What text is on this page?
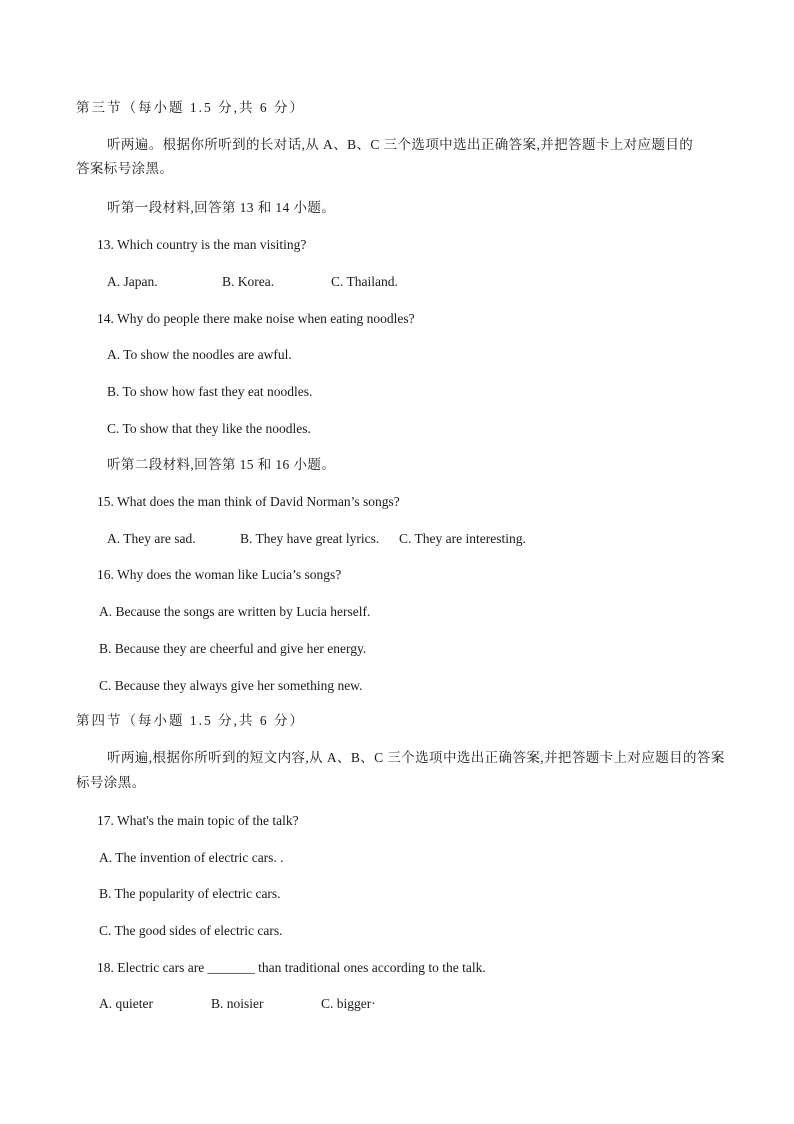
第三节（每小题 1.5 分,共 6 分）
听两遍。根据你所听到的长对话,从 A、B、C 三个选项中选出正确答案,并把答题卡上对应题目的
答案标号涂黑。
听第一段材料,回答第 13 和 14 小题。
13. Which country is the man visiting?
A. Japan.	B. Korea.	C. Thailand.
14. Why do people there make noise when eating noodles?
A. To show the noodles are awful.
B. To show how fast they eat noodles.
C. To show that they like the noodles.
听第二段材料,回答第 15 和 16 小题。
15. What does the man think of David Norman’s songs?
A. They are sad.	B. They have great lyrics. C. They are interesting.
16. Why does the woman like Lucia’s songs?
A. Because the songs are written by Lucia herself.
B. Because they are cheerful and give her energy.
C. Because they always give her something new.
第四节（每小题 1.5 分,共 6 分）
听两遍,根据你所听到的短文内容,从 A、B、C 三个选项中选出正确答案,并把答题卡上对应题目的答案
标号涂黑。
17. What's the main topic of the talk?
A. The invention of electric cars. .
B. The popularity of electric cars.
C. The good sides of electric cars.
18. Electric cars are _______ than traditional ones according to the talk.
A. quieter	B. noisier	C. bigger·
